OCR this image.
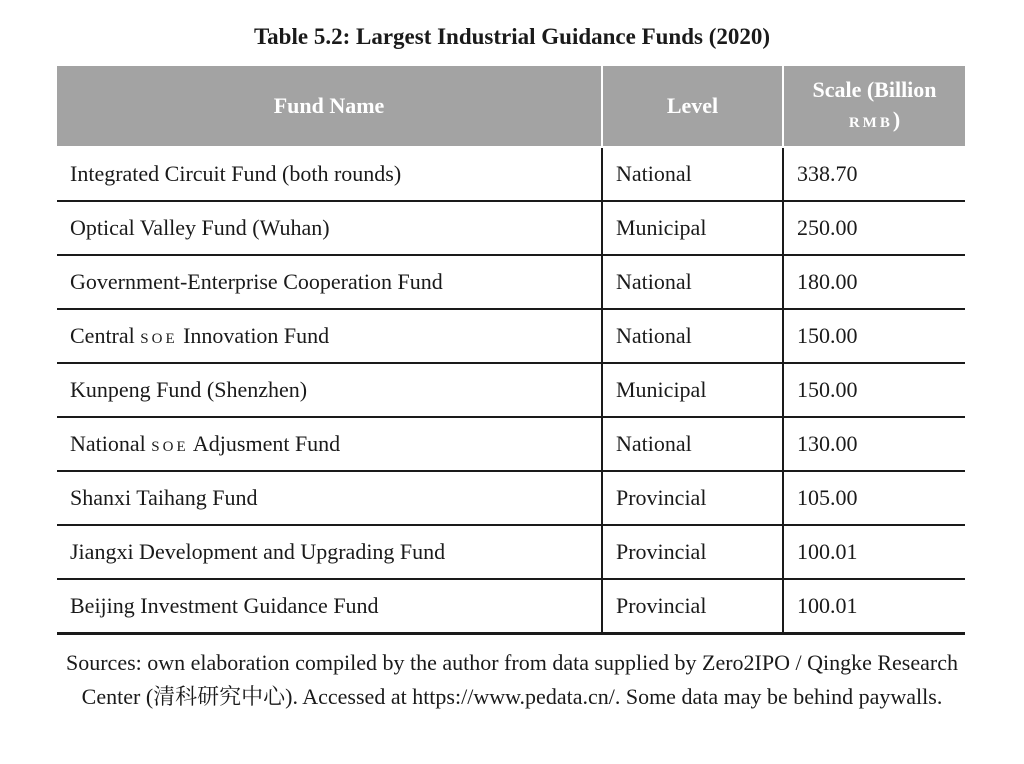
Table 5.2: Largest Industrial Guidance Funds (2020)
Fund Name	Level	Scale (Billion
RMB)

Integrated Circuit Fund (both rounds)	National	338.70
Optical Valley Fund (Wuhan)	Municipal	250.00
Government-Enterprise Cooperation Fund	National	180.00
Central SOE Innovation Fund	National	150.00
Kunpeng Fund (Shenzhen)	Municipal	150.00
National SOE Adjusment Fund	National	130.00
Shanxi Taihang Fund	Provincial	105.00
Jiangxi Development and Upgrading Fund	Provincial	100.01
Beijing Investment Guidance Fund	Provincial	100.01
Sources: own elaboration compiled by the author from data supplied by Zero2IPO / Qingke Research Center (清科研究中心). Accessed at https://www.pedata.cn/. Some data may be behind paywalls.
